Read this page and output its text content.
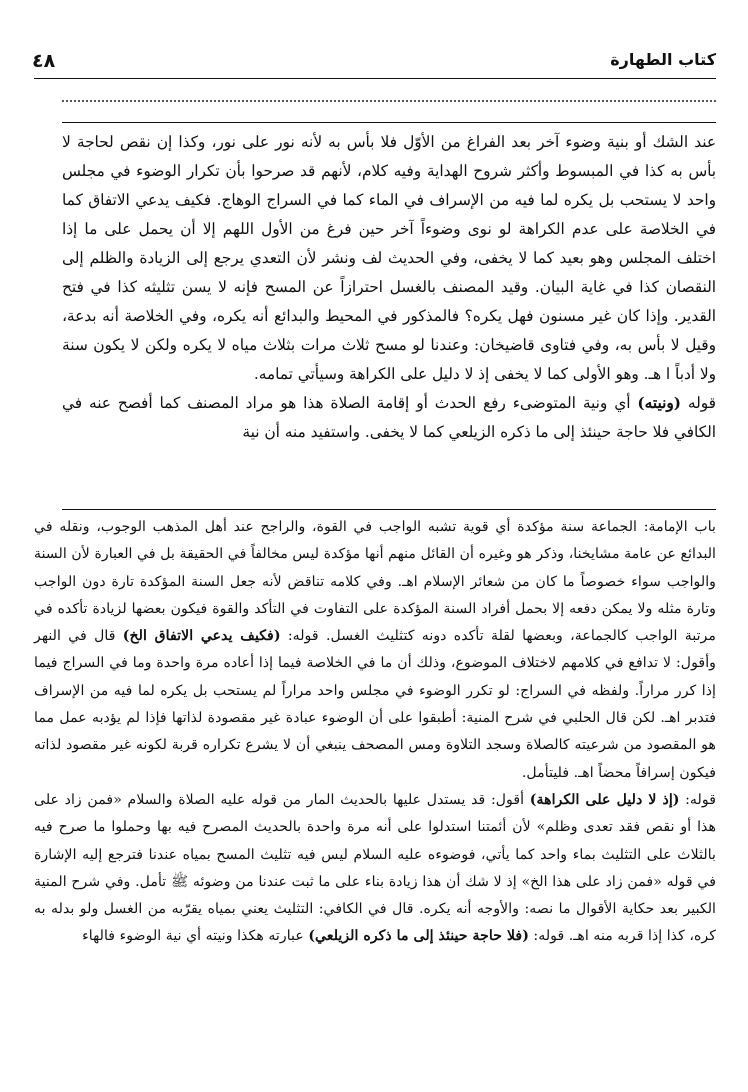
٤٨	كتاب الطهارة

عند الشك أو بنية وضوء آخر بعد الفراغ من الأوّل فلا بأس به لأنه نور على نور، وكذا إن نقص لحاجة لا بأس به كذا في المبسوط وأكثر شروح الهداية وفيه كلام، لأنهم قد صرحوا بأن تكرار الوضوء في مجلس واحد لا يستحب بل يكره لما فيه من الإسراف في الماء كما في السراج الوهاج. فكيف يدعي الاتفاق كما في الخلاصة على عدم الكراهة لو نوى وضوءاً آخر حين فرغ من الأول اللهم إلا أن يحمل على ما إذا اختلف المجلس وهو بعيد كما لا يخفى، وفي الحديث لف ونشر لأن التعدي يرجع إلى الزيادة والظلم إلى النقصان كذا في غاية البيان. وقيد المصنف بالغسل احترازاً عن المسح فإنه لا يسن تثليثه كذا في فتح القدير. وإذا كان غير مسنون فهل يكره؟ فالمذكور في المحيط والبدائع أنه يكره، وفي الخلاصة أنه بدعة، وقيل لا بأس به، وفي فتاوى قاضيخان: وعندنا لو مسح ثلاث مرات بثلاث مياه لا يكره ولكن لا يكون سنة ولا أدباً ا هـ. وهو الأولى كما لا يخفى إذ لا دليل على الكراهة وسيأتي تمامه.

قوله (ونيته) أي ونية المتوضىء رفع الحدث أو إقامة الصلاة هذا هو مراد المصنف كما أفصح عنه في الكافي فلا حاجة حينئذ إلى ما ذكره الزيلعي كما لا يخفى. واستفيد منه أن نية

باب الإمامة: الجماعة سنة مؤكدة أي قوية تشبه الواجب في القوة، والراجح عند أهل المذهب الوجوب، ونقله في البدائع عن عامة مشايخنا، وذكر هو وغيره أن القائل منهم أنها مؤكدة ليس مخالفاً في الحقيقة بل في العبارة لأن السنة والواجب سواء خصوصاً ما كان من شعائر الإسلام اهـ. وفي كلامه تناقض لأنه جعل السنة المؤكدة تارة دون الواجب وتارة مثله ولا يمكن دفعه إلا بحمل أفراد السنة المؤكدة على التفاوت في التأكد والقوة فيكون بعضها لزيادة تأكده في مرتبة الواجب كالجماعة، وبعضها لقلة تأكده دونه كتثليث الغسل. قوله: (فكيف يدعي الاتفاق الخ) قال في النهر وأقول: لا تدافع في كلامهم لاختلاف الموضوع، وذلك أن ما في الخلاصة فيما إذا أعاده مرة واحدة وما في السراج فيما إذا كرر مراراً. ولفظه في السراج: لو تكرر الوضوء في مجلس واحد مراراً لم يستحب بل يكره لما فيه من الإسراف فتدبر اهـ. لكن قال الحلبي في شرح المنية: أطبقوا على أن الوضوء عبادة غير مقصودة لذاتها فإذا لم يؤدبه عمل مما هو المقصود من شرعيته كالصلاة وسجد التلاوة ومس المصحف ينبغي أن لا يشرع تكراره قربة لكونه غير مقصود لذاته فيكون إسرافاً محضاً اهـ. فليتأمل.

قوله: (إذ لا دليل على الكراهة) أقول: قد يستدل عليها بالحديث المار من قوله عليه الصلاة والسلام «فمن زاد على هذا أو نقص فقد تعدى وظلم» لأن أئمتنا استدلوا على أنه مرة واحدة بالحديث المصرح فيه بها وحملوا ما صرح فيه بالثلاث على التثليث بماء واحد كما يأتي، فوضوءه عليه السلام ليس فيه تثليث المسح بمياه عندنا فترجع إليه الإشارة في قوله «فمن زاد على هذا الخ» إذ لا شك أن هذا زيادة بناء على ما ثبت عندنا من وضوئه ﷺ تأمل. وفي شرح المنية الكبير بعد حكاية الأقوال ما نصه: والأوجه أنه يكره. قال في الكافي: التثليث يعني بمياه يقرّبه من الغسل ولو بدله به كره، كذا إذا قربه منه اهـ. قوله: (فلا حاجة حينئذ إلى ما ذكره الزيلعي) عبارته هكذا ونيته أي نية الوضوء فالهاء
